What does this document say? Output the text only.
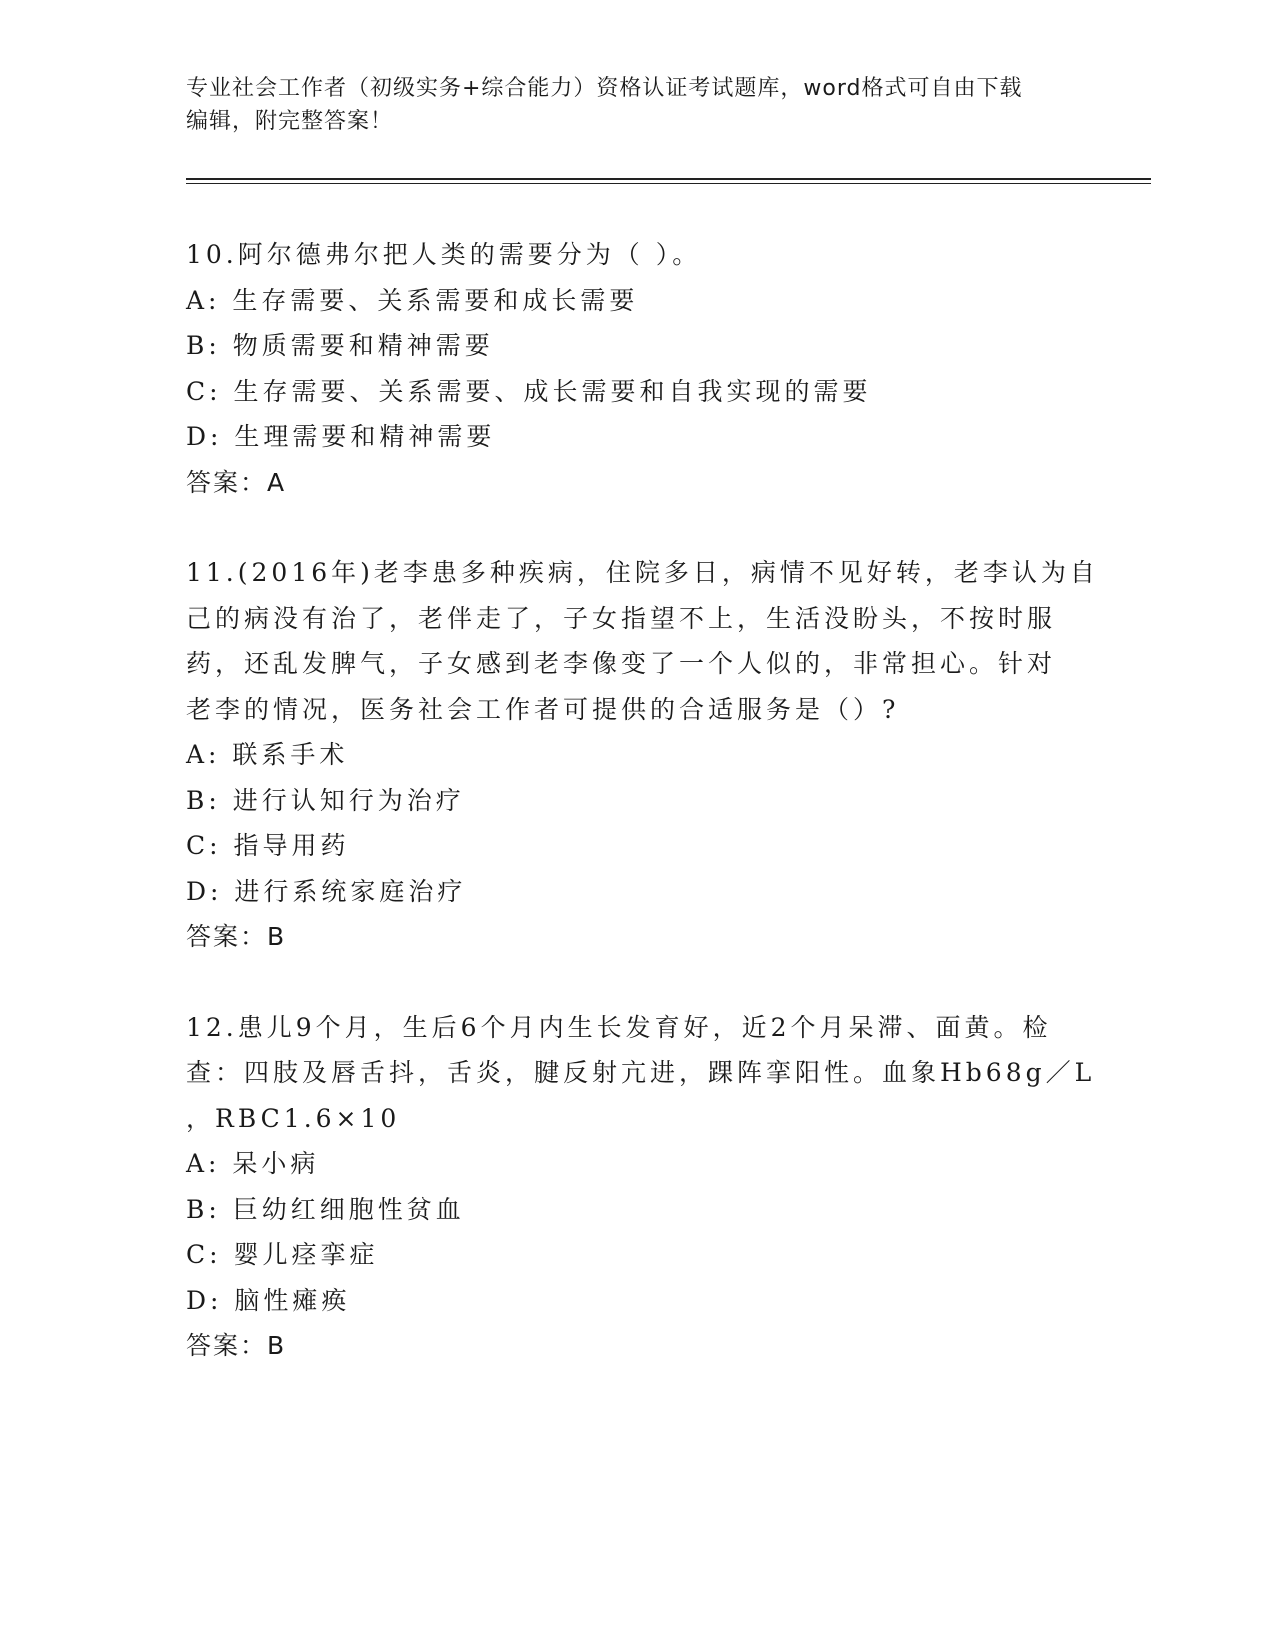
专业社会工作者（初级实务+综合能力）资格认证考试题库，word格式可自由下载
编辑，附完整答案！
10.阿尔德弗尔把人类的需要分为（ ）。
A: 生存需要、关系需要和成长需要
B: 物质需要和精神需要
C: 生存需要、关系需要、成长需要和自我实现的需要
D: 生理需要和精神需要
答案：A
11.(2016年)老李患多种疾病，住院多日，病情不见好转，老李认为自
己的病没有治了，老伴走了，子女指望不上，生活没盼头，不按时服
药，还乱发脾气，子女感到老李像变了一个人似的，非常担心。针对
老李的情况，医务社会工作者可提供的合适服务是（）?
A: 联系手术
B: 进行认知行为治疗
C: 指导用药
D: 进行系统家庭治疗
答案：B
12.患儿9个月，生后6个月内生长发育好，近2个月呆滞、面黄。检
查：四肢及唇舌抖，舌炎，腱反射亢进，踝阵挛阳性。血象Hb68g／L
，RBC1.6×10
A: 呆小病
B: 巨幼红细胞性贫血
C: 婴儿痉挛症
D: 脑性瘫痪
答案：B
